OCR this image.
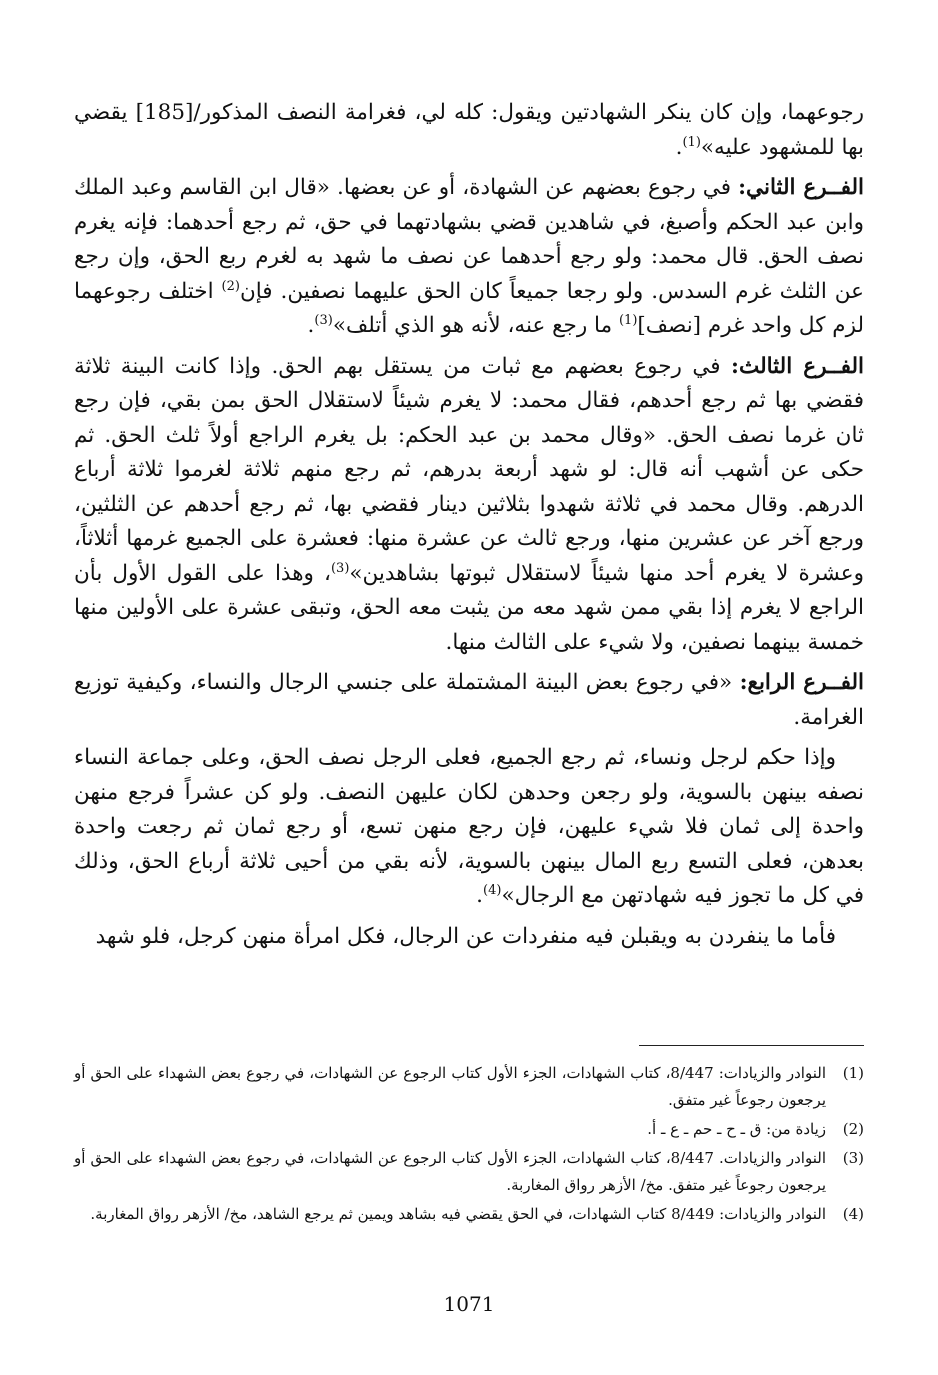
رجوعهما، وإن كان ينكر الشهادتين ويقول: كله لي، فغرامة النصف المذكور/[185] يقضي بها للمشهود عليه»$^{(1)}$.

الفــرع الثاني: في رجوع بعضهم عن الشهادة، أو عن بعضها. «قال ابن القاسم وعبد الملك وابن عبد الحكم وأصبغ، في شاهدين قضي بشهادتهما في حق، ثم رجع أحدهما: فإنه يغرم نصف الحق. قال محمد: ولو رجع أحدهما عن نصف ما شهد به لغرم ربع الحق، وإن رجع عن الثلث غرم السدس. ولو رجعا جميعاً كان الحق عليهما نصفين. فإن$^{(2)}$ اختلف رجوعهما لزم كل واحد غرم [نصف]$^{(1)}$ ما رجع عنه، لأنه هو الذي أتلف»$^{(3)}$.

الفــرع الثالث: في رجوع بعضهم مع ثبات من يستقل بهم الحق. وإذا كانت البينة ثلاثة فقضي بها ثم رجع أحدهم، فقال محمد: لا يغرم شيئاً لاستقلال الحق بمن بقي، فإن رجع ثان غرما نصف الحق. «وقال محمد بن عبد الحكم: بل يغرم الراجع أولاً ثلث الحق. ثم حكى عن أشهب أنه قال: لو شهد أربعة بدرهم، ثم رجع منهم ثلاثة لغرموا ثلاثة أرباع الدرهم. وقال محمد في ثلاثة شهدوا بثلاثين دينار فقضي بها، ثم رجع أحدهم عن الثلثين، ورجع آخر عن عشرين منها، ورجع ثالث عن عشرة منها: فعشرة على الجميع غرمها أثلاثاً، وعشرة لا يغرم أحد منها شيئاً لاستقلال ثبوتها بشاهدين»$^{(3)}$، وهذا على القول الأول بأن الراجع لا يغرم إذا بقي ممن شهد معه من يثبت معه الحق، وتبقى عشرة على الأولين منها خمسة بينهما نصفين، ولا شيء على الثالث منها.

الفــرع الرابع: «في رجوع بعض البينة المشتملة على جنسي الرجال والنساء، وكيفية توزيع الغرامة.

وإذا حكم لرجل ونساء، ثم رجع الجميع، فعلى الرجل نصف الحق، وعلى جماعة النساء نصفه بينهن بالسوية، ولو رجعن وحدهن لكان عليهن النصف. ولو كن عشراً فرجع منهن واحدة إلى ثمان فلا شيء عليهن، فإن رجع منهن تسع، أو رجع ثمان ثم رجعت واحدة بعدهن، فعلى التسع ربع المال بينهن بالسوية، لأنه بقي من أحيى ثلاثة أرباع الحق، وذلك في كل ما تجوز فيه شهادتهن مع الرجال»$^{(4)}$.

فأما ما ينفردن به ويقبلن فيه منفردات عن الرجال، فكل امرأة منهن كرجل، فلو شهد

(1)
النوادر والزيادات: 8/447، كتاب الشهادات، الجزء الأول كتاب الرجوع عن الشهادات، في رجوع بعض الشهداء على الحق أو يرجعون رجوعاً غير متفق.
(2)
زيادة من: ق ـ ح ـ حم ـ ع ـ أ.
(3)
النوادر والزيادات. 8/447، كتاب الشهادات، الجزء الأول كتاب الرجوع عن الشهادات، في رجوع بعض الشهداء على الحق أو يرجعون رجوعاً غير متفق. مخ/ الأزهر رواق المغاربة.
(4)
النوادر والزيادات: 8/449 كتاب الشهادات، في الحق يقضي فيه بشاهد ويمين ثم يرجع الشاهد، مخ/ الأزهر رواق المغاربة.
1071
